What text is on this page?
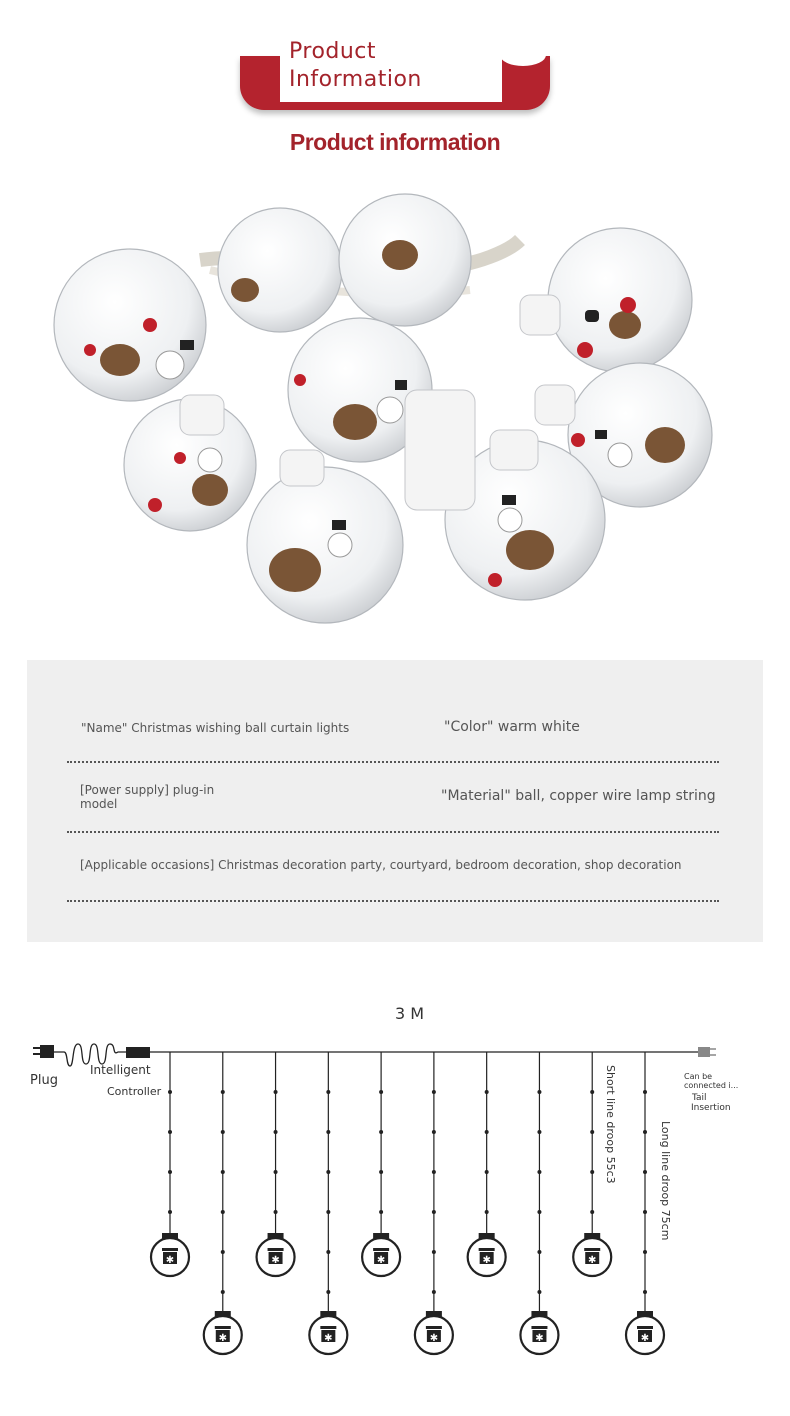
Product
Information
Product information
"Name" Christmas wishing ball curtain lights	"Color" warm white
[Power supply] plug-in
model	"Material" ball, copper wire lamp string
[Applicable occasions] Christmas decoration party, courtyard, bedroom decoration, shop decoration
3 M
✱
✱
✱
✱
✱
✱
✱
✱
✱
✱
Plug
Intelligent
Controller
Can be
connected i...
Tail
Insertion
Short line droop 55c3	Long line droop 75cm
